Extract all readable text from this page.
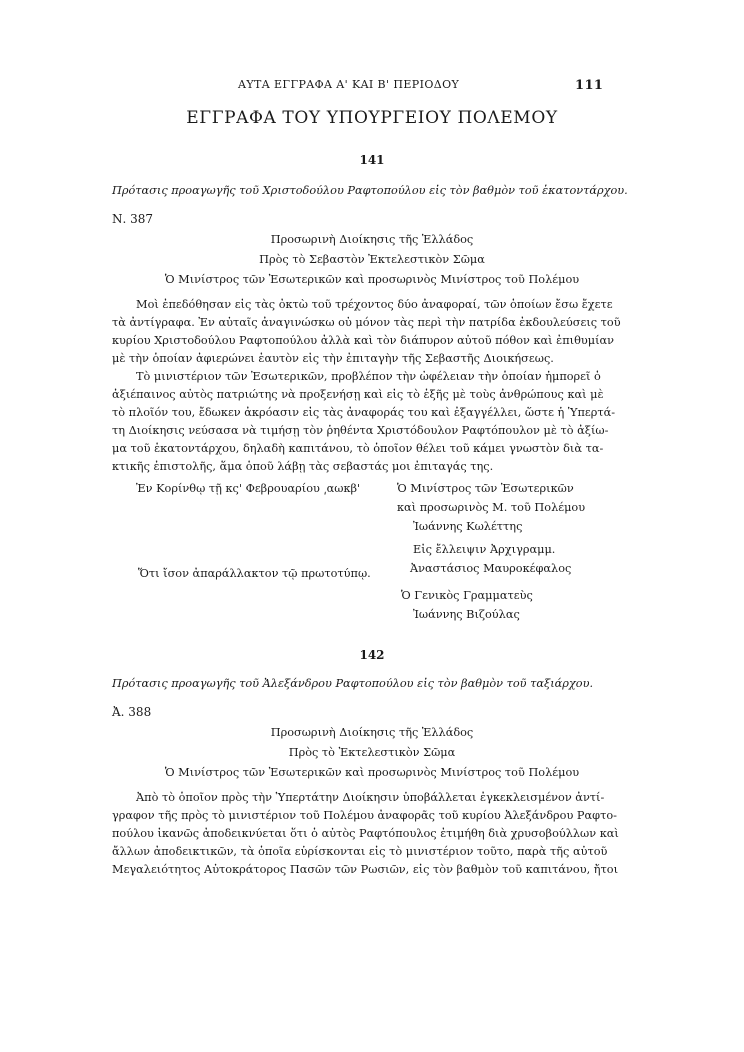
ΑΥΤΑ ΕΓΓΡΑΦΑ Α' ΚΑΙ Β' ΠΕΡΙΟΔΟΥ	111
ΕΓΓΡΑΦΑ ΤΟΥ ΥΠΟΥΡΓΕΙΟΥ ΠΟΛΕΜΟΥ
141
Πρότασις προαγωγῆς τοῦ Χριστοδούλου Ραφτοπούλου εἰς τὸν βαθμὸν τοῦ ἑκατοντάρχου.
Ν. 387
Προσωρινὴ Διοίκησις τῆς Ἑλλάδος
Πρὸς τὸ Σεβαστὸν Ἐκτελεστικὸν Σῶμα
Ὁ Μινίστρος τῶν Ἐσωτερικῶν καὶ προσωρινὸς Μινίστρος τοῦ Πολέμου
Μοὶ ἐπεδόθησαν εἰς τὰς ὀκτὼ τοῦ τρέχοντος δύο ἀναφοραί, τῶν ὁποίων ἔσω ἔχετε
τὰ ἀντίγραφα. Ἐν αὐταῖς ἀναγινώσκω οὐ μόνον τὰς περὶ τὴν πατρίδα ἐκδουλεύσεις τοῦ
κυρίου Χριστοδούλου Ραφτοπούλου ἀλλὰ καὶ τὸν διάπυρον αὐτοῦ πόθον καὶ ἐπιθυμίαν
μὲ τὴν ὁποίαν ἀφιερώνει ἑαυτὸν εἰς τὴν ἐπιταγὴν τῆς Σεβαστῆς Διοικήσεως.
Τὸ μινιστέριον τῶν Ἐσωτερικῶν, προβλέπον τὴν ὠφέλειαν τὴν ὁποίαν ἠμπορεῖ ὁ
ἀξιέπαινος αὐτὸς πατριώτης νὰ προξενήσῃ καὶ εἰς τὸ ἑξῆς μὲ τοὺς ἀνθρώπους καὶ μὲ
τὸ πλοῖόν του, ἔδωκεν ἀκρόασιν εἰς τὰς ἀναφοράς του καὶ ἐξαγγέλλει, ὥστε ἡ Ὑπερτά-
τη Διοίκησις νεύσασα νὰ τιμήσῃ τὸν ῥηθέντα Χριστόδουλον Ραφτόπουλον μὲ τὸ ἀξίω-
μα τοῦ ἑκατοντάρχου, δηλαδὴ καπιτάνου, τὸ ὁποῖον θέλει τοῦ κάμει γνωστὸν διὰ τα-
κτικῆς ἐπιστολῆς, ἅμα ὁποῦ λάβῃ τὰς σεβαστάς μοι ἐπιταγάς της.
Ἐν Κορίνθῳ τῇ κς' Φεβρουαρίου ͵αωκβ'	Ὁ Μινίστρος τῶν Ἐσωτερικῶν
καὶ προσωρινὸς Μ. τοῦ Πολέμου
Ἰωάννης Κωλέττης
Εἰς ἔλλειψιν Ἀρχιγραμμ.
Ἀναστάσιος Μαυροκέφαλος
Ὅτι ἴσον ἀπαράλλακτον τῷ πρωτοτύπῳ.
Ὁ Γενικὸς Γραμματεὺς
Ἰωάννης Βιζούλας
142
Πρότασις προαγωγῆς τοῦ Ἀλεξάνδρου Ραφτοπούλου εἰς τὸν βαθμὸν τοῦ ταξιάρχου.
Ἀ. 388
Προσωρινὴ Διοίκησις τῆς Ἑλλάδος
Πρὸς τὸ Ἐκτελεστικὸν Σῶμα
Ὁ Μινίστρος τῶν Ἐσωτερικῶν καὶ προσωρινὸς Μινίστρος τοῦ Πολέμου
Ἀπὸ τὸ ὁποῖον πρὸς τὴν Ὑπερτάτην Διοίκησιν ὑποβάλλεται ἐγκεκλεισμένον ἀντί-
γραφον τῆς πρὸς τὸ μινιστέριον τοῦ Πολέμου ἀναφορᾶς τοῦ κυρίου Ἀλεξάνδρου Ραφτο-
πούλου ἱκανῶς ἀποδεικνύεται ὅτι ὁ αὐτὸς Ραφτόπουλος ἐτιμήθη διὰ χρυσοβούλλων καὶ
ἄλλων ἀποδεικτικῶν, τὰ ὁποῖα εὑρίσκονται εἰς τὸ μινιστέριον τοῦτο, παρὰ τῆς αὐτοῦ
Μεγαλειότητος Αὐτοκράτορος Πασῶν τῶν Ρωσιῶν, εἰς τὸν βαθμὸν τοῦ καπιτάνου, ἤτοι
